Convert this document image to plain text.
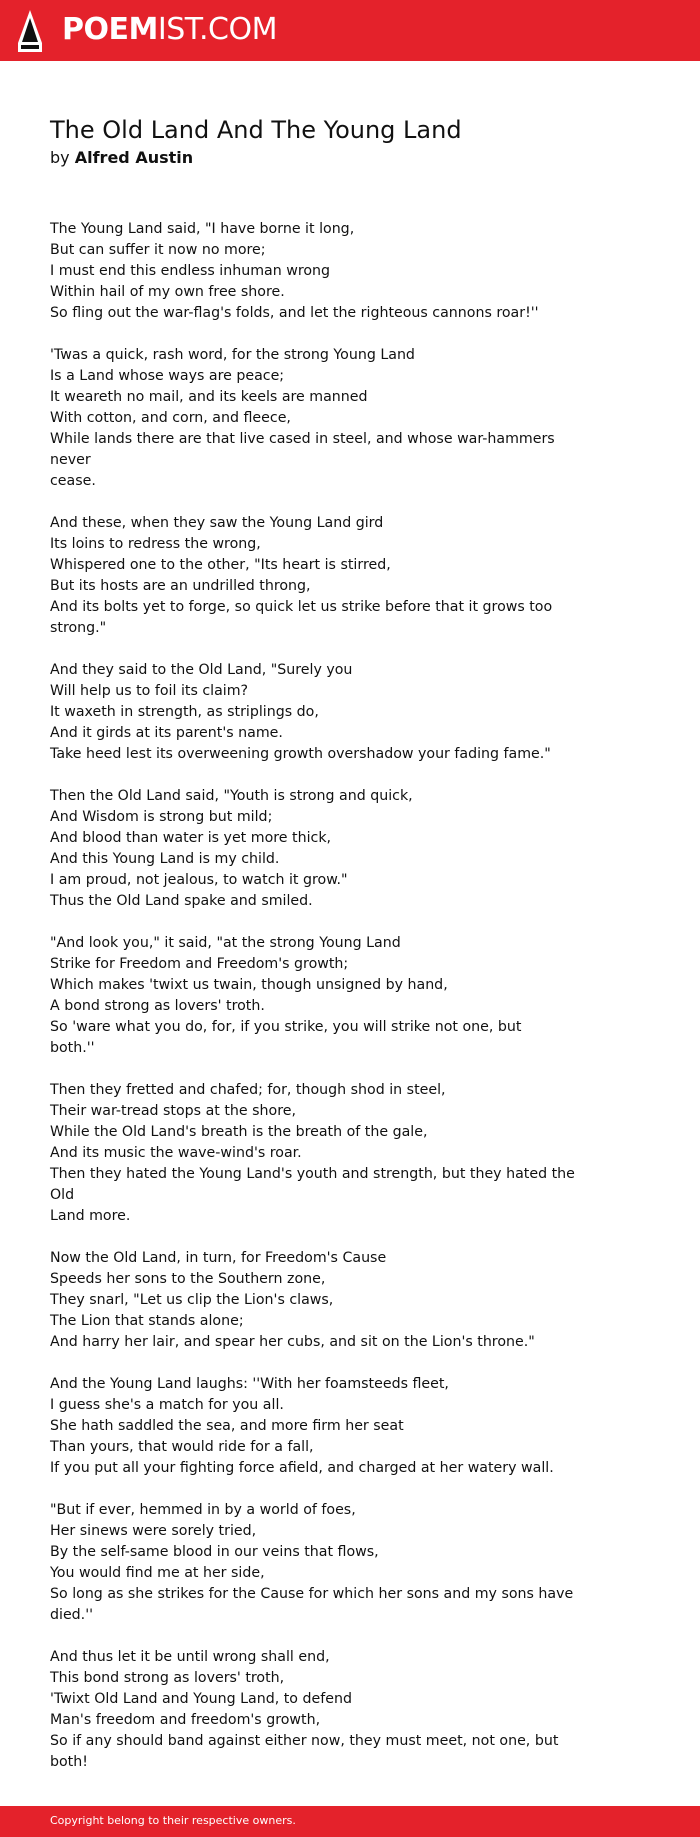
POEMIST.COM
The Old Land And The Young Land
by Alfred Austin
The Young Land said, "I have borne it long,
But can suffer it now no more;
I must end this endless inhuman wrong
Within hail of my own free shore.
So fling out the war-flag's folds, and let the righteous cannons roar!''
'Twas a quick, rash word, for the strong Young Land
Is a Land whose ways are peace;
It weareth no mail, and its keels are manned
With cotton, and corn, and fleece,
While lands there are that live cased in steel, and whose war-hammers never
cease.
And these, when they saw the Young Land gird
Its loins to redress the wrong,
Whispered one to the other, "Its heart is stirred,
But its hosts are an undrilled throng,
And its bolts yet to forge, so quick let us strike before that it grows too
strong."
And they said to the Old Land, "Surely you
Will help us to foil its claim?
It waxeth in strength, as striplings do,
And it girds at its parent's name.
Take heed lest its overweening growth overshadow your fading fame."
Then the Old Land said, "Youth is strong and quick,
And Wisdom is strong but mild;
And blood than water is yet more thick,
And this Young Land is my child.
I am proud, not jealous, to watch it grow."
Thus the Old Land spake and smiled.
"And look you," it said, "at the strong Young Land
Strike for Freedom and Freedom's growth;
Which makes 'twixt us twain, though unsigned by hand,
A bond strong as lovers' troth.
So 'ware what you do, for, if you strike, you will strike not one, but
both.''
Then they fretted and chafed; for, though shod in steel,
Their war-tread stops at the shore,
While the Old Land's breath is the breath of the gale,
And its music the wave-wind's roar.
Then they hated the Young Land's youth and strength, but they hated the Old
Land more.
Now the Old Land, in turn, for Freedom's Cause
Speeds her sons to the Southern zone,
They snarl, "Let us clip the Lion's claws,
The Lion that stands alone;
And harry her lair, and spear her cubs, and sit on the Lion's throne."
And the Young Land laughs: ''With her foamsteeds fleet,
I guess she's a match for you all.
She hath saddled the sea, and more firm her seat
Than yours, that would ride for a fall,
If you put all your fighting force afield, and charged at her watery wall.
"But if ever, hemmed in by a world of foes,
Her sinews were sorely tried,
By the self-same blood in our veins that flows,
You would find me at her side,
So long as she strikes for the Cause for which her sons and my sons have
died.''
And thus let it be until wrong shall end,
This bond strong as lovers' troth,
'Twixt Old Land and Young Land, to defend
Man's freedom and freedom's growth,
So if any should band against either now, they must meet, not one, but
both!
Copyright belong to their respective owners.
